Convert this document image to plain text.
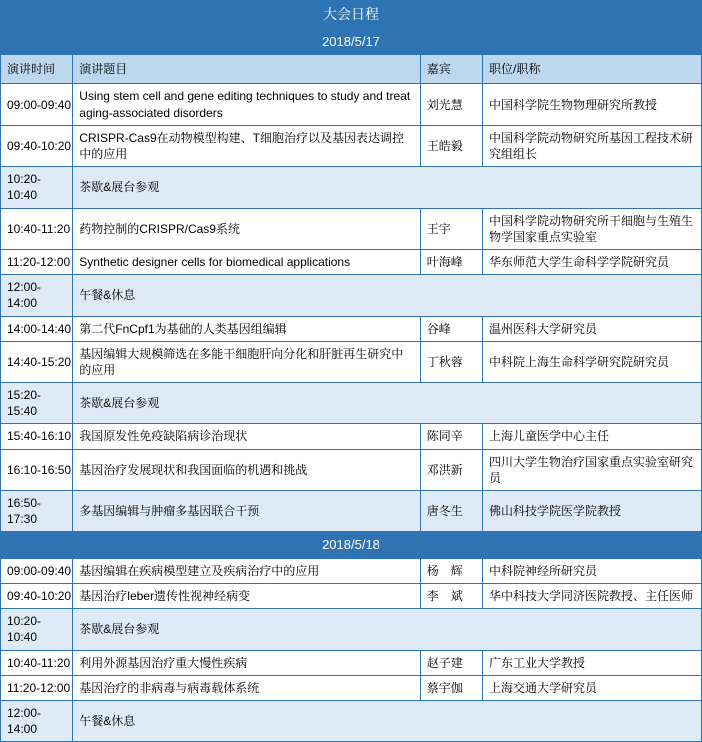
大会日程			
2018/5/17			
演讲时间	演讲题目	嘉宾	职位/职称
09:00-09:40	Using stem cell and gene editing techniques to study and treat aging-associated disorders	刘光慧	中国科学院生物物理研究所教授
09:40-10:20	CRISPR-Cas9在动物模型构建、T细胞治疗以及基因表达调控中的应用	王皓毅	中国科学院动物研究所基因工程技术研究组组长
10:20-10:40	茶歇&展台参观		
10:40-11:20	药物控制的CRISPR/Cas9系统	王宇	中国科学院动物研究所干细胞与生殖生物学国家重点实验室
11:20-12:00	Synthetic designer cells for biomedical applications	叶海峰	华东师范大学生命科学学院研究员
12:00-14:00	午餐&休息		
14:00-14:40	第二代FnCpf1为基础的人类基因组编辑	谷峰	温州医科大学研究员
14:40-15:20	基因编辑大规模筛选在多能干细胞肝向分化和肝脏再生研究中的应用	丁秋蓉	中科院上海生命科学研究院研究员
15:20-15:40	茶歇&展台参观		
15:40-16:10	我国原发性免疫缺陷病诊治现状	陈同辛	上海儿童医学中心主任
16:10-16:50	基因治疗发展现状和我国面临的机遇和挑战	邓洪新	四川大学生物治疗国家重点实验室研究员
16:50-17:30	多基因编辑与肿瘤多基因联合干预	唐冬生	佛山科技学院医学院教授
2018/5/18			
09:00-09:40	基因编辑在疾病模型建立及疾病治疗中的应用	杨　辉	中科院神经所研究员
09:40-10:20	基因治疗leber遗传性视神经病变	李　斌	华中科技大学同济医院教授、主任医师
10:20-10:40	茶歇&展台参观		
10:40-11:20	利用外源基因治疗重大慢性疾病	赵子建	广东工业大学教授
11:20-12:00	基因治疗的非病毒与病毒载体系统	蔡宇伽	上海交通大学研究员
12:00-14:00	午餐&休息		
